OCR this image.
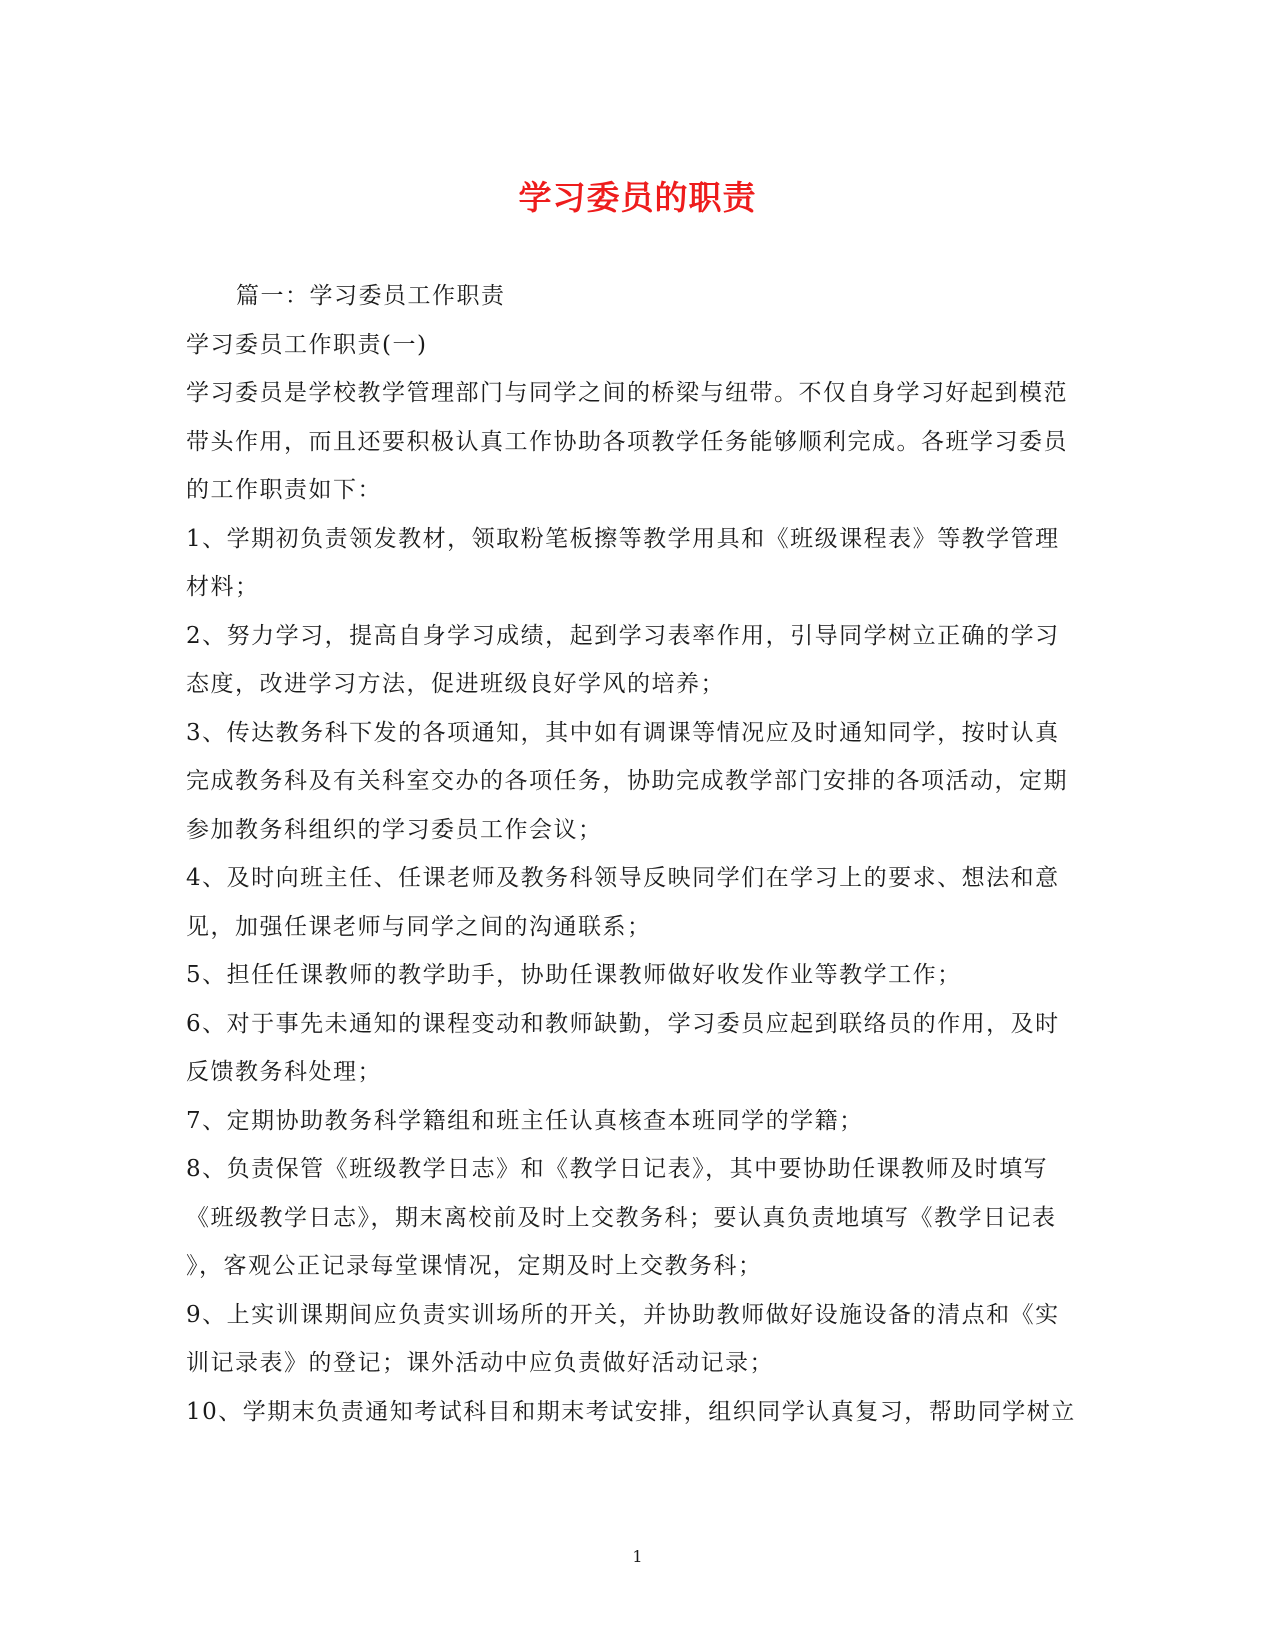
学习委员的职责
篇一：学习委员工作职责
学习委员工作职责(一)
学习委员是学校教学管理部门与同学之间的桥梁与纽带。不仅自身学习好起到模范
带头作用，而且还要积极认真工作协助各项教学任务能够顺利完成。各班学习委员
的工作职责如下：
1、学期初负责领发教材，领取粉笔板擦等教学用具和《班级课程表》等教学管理
材料；
2、努力学习，提高自身学习成绩，起到学习表率作用，引导同学树立正确的学习
态度，改进学习方法，促进班级良好学风的培养；
3、传达教务科下发的各项通知，其中如有调课等情况应及时通知同学，按时认真
完成教务科及有关科室交办的各项任务，协助完成教学部门安排的各项活动，定期
参加教务科组织的学习委员工作会议；
4、及时向班主任、任课老师及教务科领导反映同学们在学习上的要求、想法和意
见，加强任课老师与同学之间的沟通联系；
5、担任任课教师的教学助手，协助任课教师做好收发作业等教学工作；
6、对于事先未通知的课程变动和教师缺勤，学习委员应起到联络员的作用，及时
反馈教务科处理；
7、定期协助教务科学籍组和班主任认真核查本班同学的学籍；
8、负责保管《班级教学日志》和《教学日记表》，其中要协助任课教师及时填写
《班级教学日志》，期末离校前及时上交教务科；要认真负责地填写《教学日记表
》，客观公正记录每堂课情况，定期及时上交教务科；
9、上实训课期间应负责实训场所的开关，并协助教师做好设施设备的清点和《实
训记录表》的登记；课外活动中应负责做好活动记录；
10、学期末负责通知考试科目和期末考试安排，组织同学认真复习，帮助同学树立
1
